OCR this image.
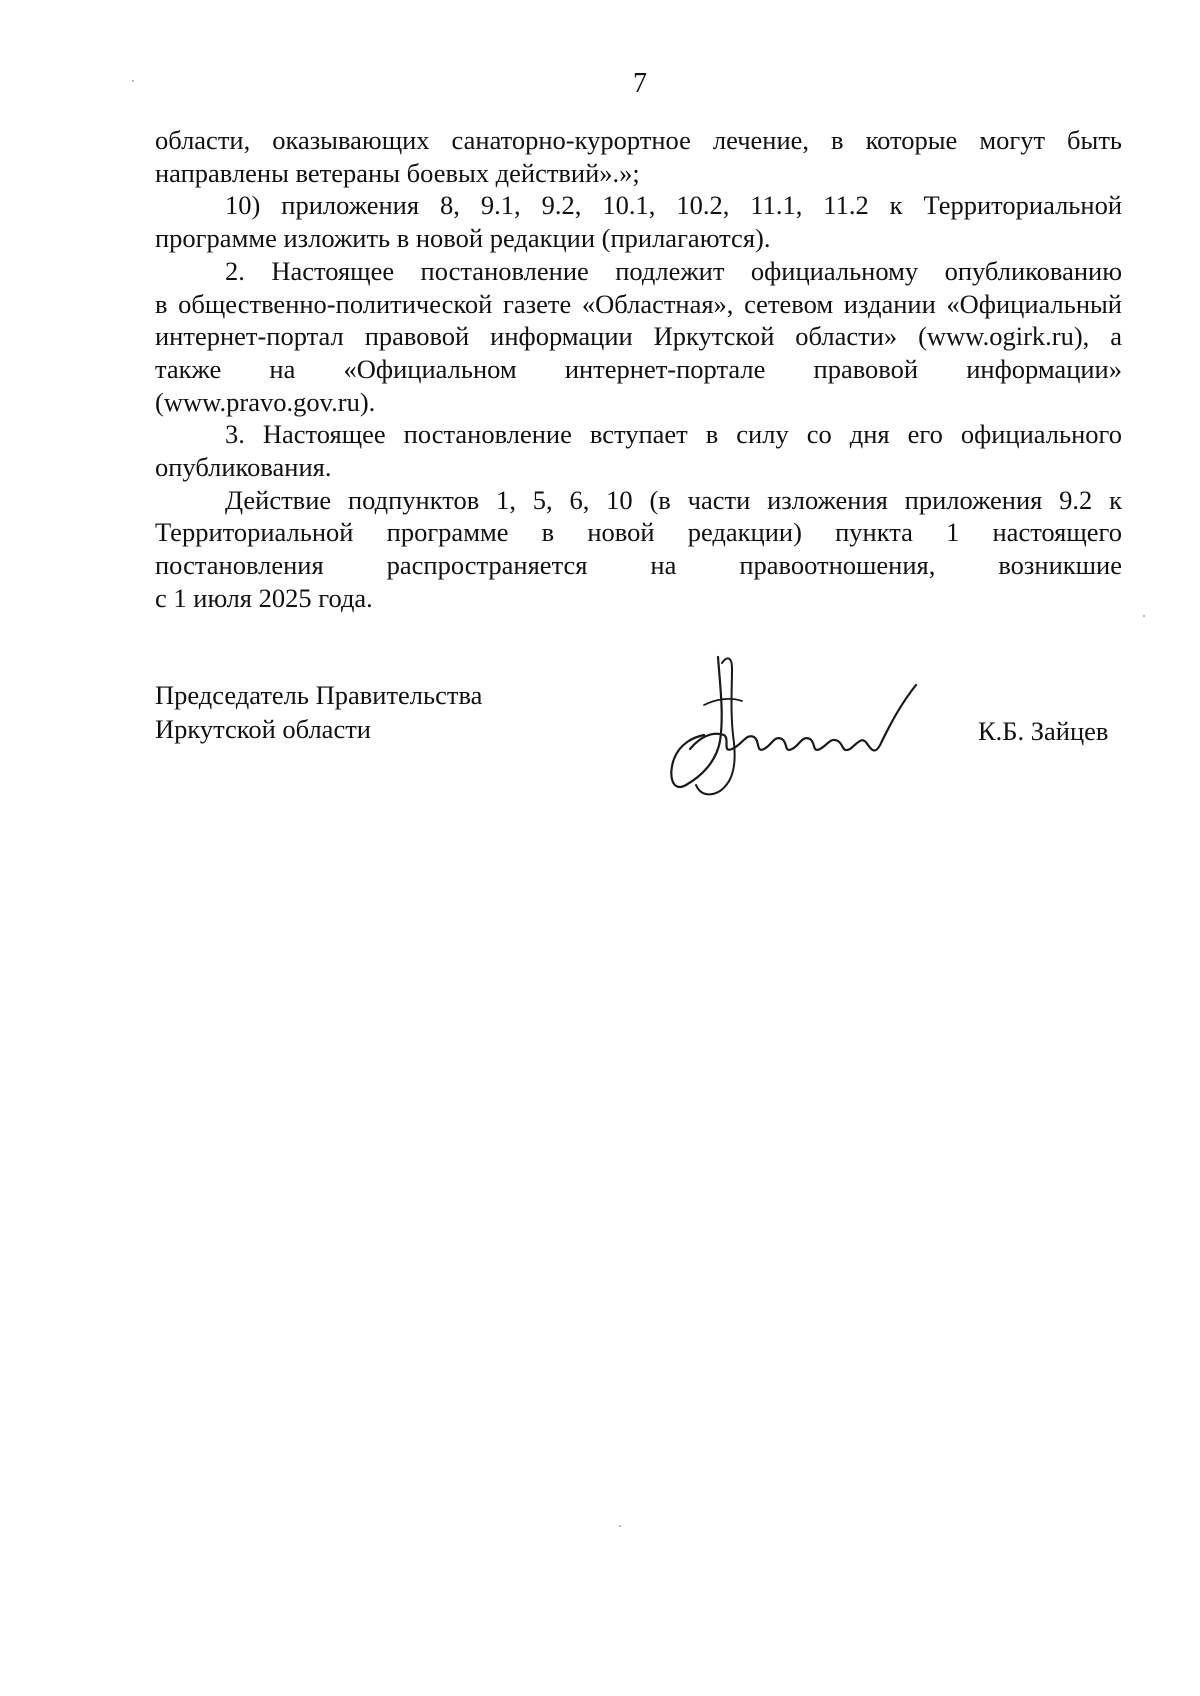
7

области, оказывающих санаторно-курортное лечение, в которые могут быть
направлены ветераны боевых действий».»;

10) приложения 8, 9.1, 9.2, 10.1, 10.2, 11.1, 11.2 к Территориальной
программе изложить в новой редакции (прилагаются).

2. Настоящее постановление подлежит официальному опубликованию
в общественно-политической газете «Областная», сетевом издании «Официальный
интернет-портал правовой информации Иркутской области» (www.ogirk.ru), а
также на «Официальном интернет-портале правовой информации»
(www.pravo.gov.ru).

3. Настоящее постановление вступает в силу со дня его официального
опубликования.

Действие подпунктов 1, 5, 6, 10 (в части изложения приложения 9.2 к
Территориальной программе в новой редакции) пункта 1 настоящего
постановления распространяется на правоотношения, возникшие
с 1 июля 2025 года.

Председатель Правительства
Иркутской области	К.Б. Зайцев
